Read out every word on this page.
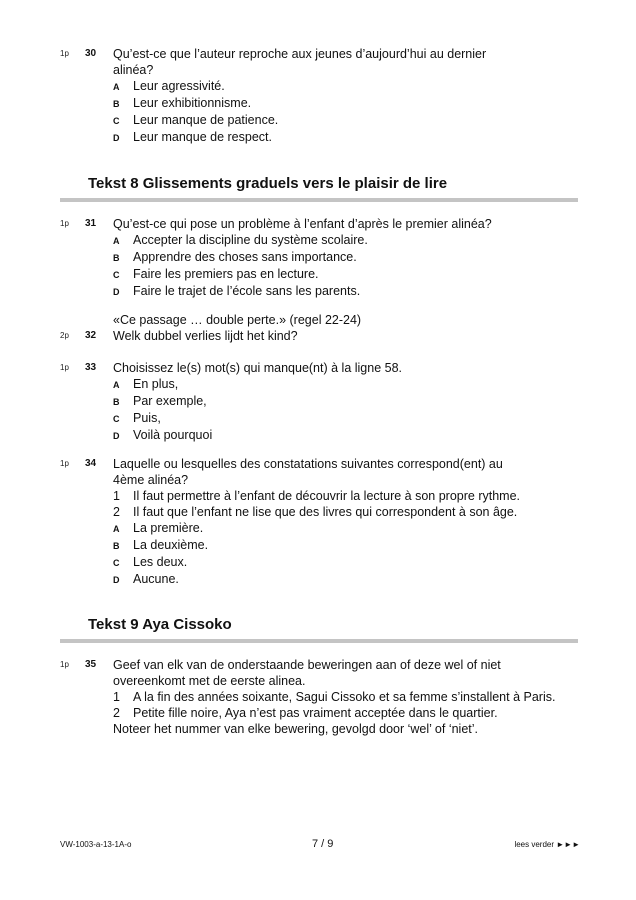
1p 30 Qu’est-ce que l’auteur reproche aux jeunes d’aujourd’hui au dernier
alinéa?
A	Leur agressivité.
B	Leur exhibitionnisme.
C	Leur manque de patience.
D	Leur manque de respect.
Tekst 8 Glissements graduels vers le plaisir de lire
1p 31 Qu’est-ce qui pose un problème à l’enfant d’après le premier alinéa?
A	Accepter la discipline du système scolaire.
B	Apprendre des choses sans importance.
C	Faire les premiers pas en lecture.
D	Faire le trajet de l’école sans les parents.
«Ce passage … double perte.» (regel 22-24)
2p 32 Welk dubbel verlies lijdt het kind?
1p 33 Choisissez le(s) mot(s) qui manque(nt) à la ligne 58.
A	En plus,
B	Par exemple,
C	Puis,
D	Voilà pourquoi
1p 34 Laquelle ou lesquelles des constatations suivantes correspond(ent) au
4ème alinéa?
1	Il faut permettre à l’enfant de découvrir la lecture à son propre rythme.
2	Il faut que l’enfant ne lise que des livres qui correspondent à son âge.
A	La première.
B	La deuxième.
C	Les deux.
D	Aucune.
Tekst 9 Aya Cissoko
1p 35 Geef van elk van de onderstaande beweringen aan of deze wel of niet
overeenkomt met de eerste alinea.
1	A la fin des années soixante, Sagui Cissoko et sa femme s’installent à Paris.
2	Petite fille noire, Aya n’est pas vraiment acceptée dans le quartier.
Noteer het nummer van elke bewering, gevolgd door ‘wel’ of ‘niet’.
VW-1003-a-13-1A-o	7 / 9	lees verder ►►►
